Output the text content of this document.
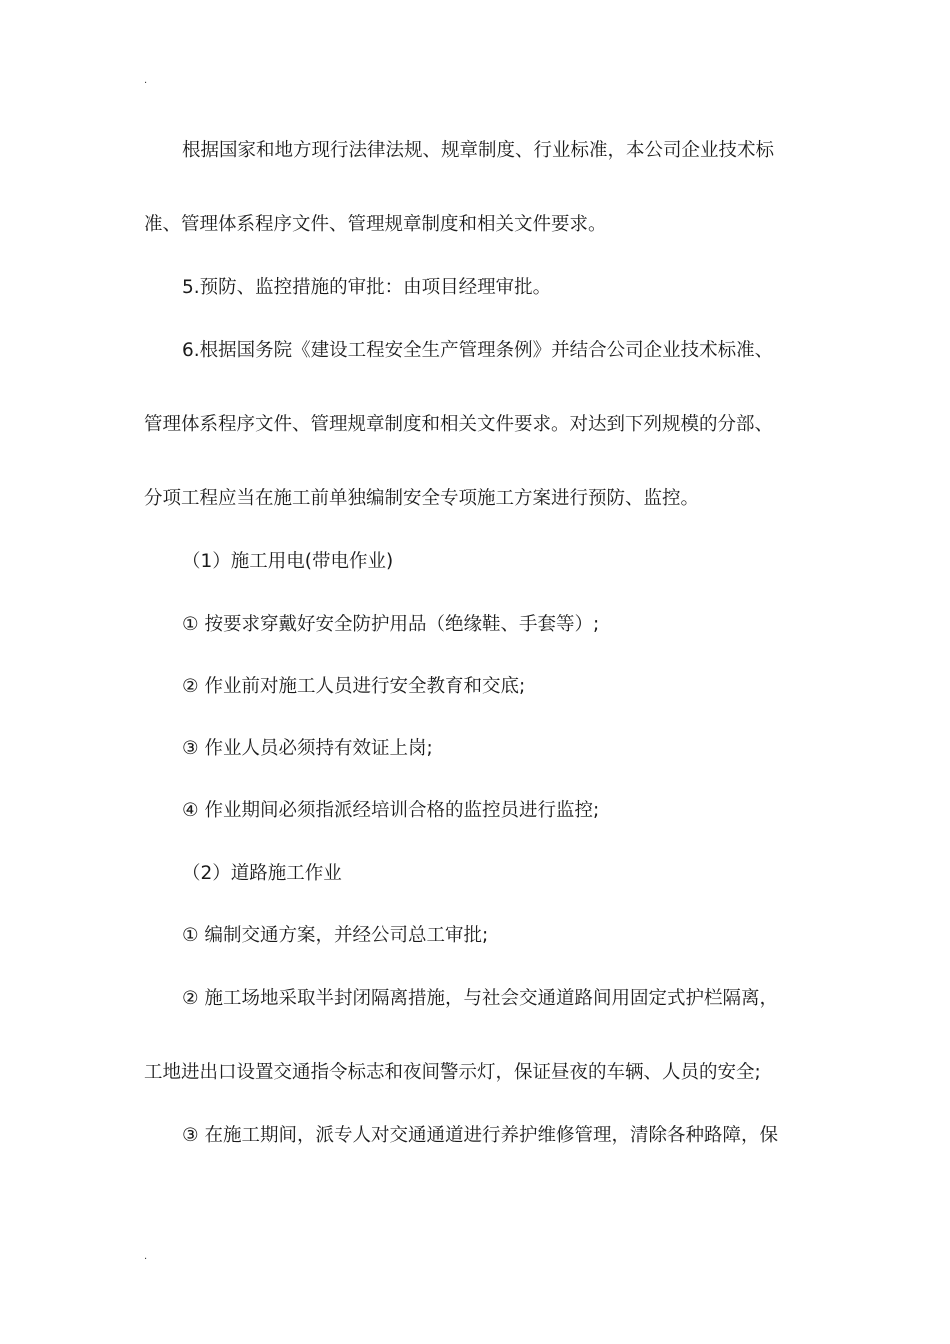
.
根据国家和地方现行法律法规、规章制度、行业标准，本公司企业技术标
准、管理体系程序文件、管理规章制度和相关文件要求。
5.预防、监控措施的审批：由项目经理审批。
6.根据国务院《建设工程安全生产管理条例》并结合公司企业技术标准、
管理体系程序文件、管理规章制度和相关文件要求。对达到下列规模的分部、
分项工程应当在施工前单独编制安全专项施工方案进行预防、监控。
（1）施工用电(带电作业)
① 按要求穿戴好安全防护用品（绝缘鞋、手套等）;
② 作业前对施工人员进行安全教育和交底;
③ 作业人员必须持有效证上岗;
④ 作业期间必须指派经培训合格的监控员进行监控;
（2）道路施工作业
① 编制交通方案，并经公司总工审批;
② 施工场地采取半封闭隔离措施，与社会交通道路间用固定式护栏隔离，
工地进出口设置交通指令标志和夜间警示灯，保证昼夜的车辆、人员的安全;
③ 在施工期间，派专人对交通通道进行养护维修管理，清除各种路障，保
.
